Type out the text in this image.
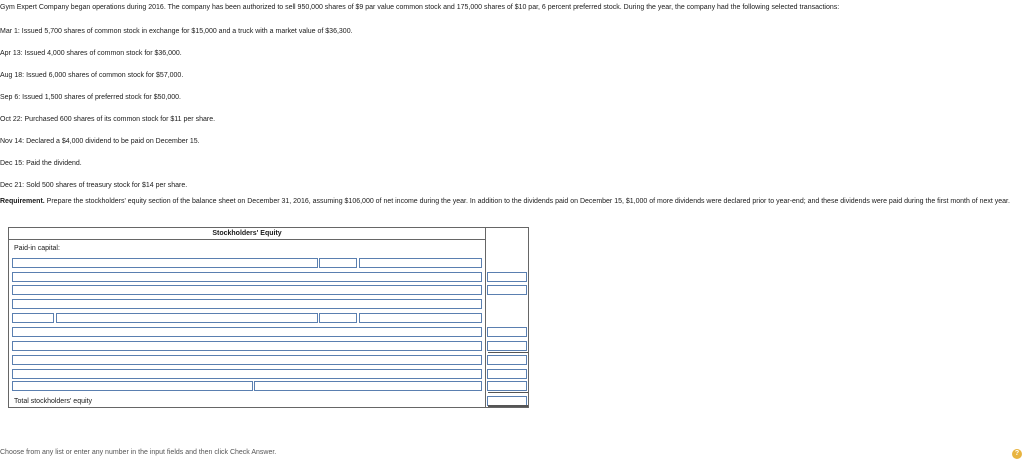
Gym Expert Company began operations during 2016. The company has been authorized to sell 950,000 shares of $9 par value common stock and 175,000 shares of $10 par, 6 percent preferred stock. During the year, the company had the following selected transactions:
Mar 1: Issued 5,700 shares of common stock in exchange for $15,000 and a truck with a market value of $36,300.
Apr 13: Issued 4,000 shares of common stock for $36,000.
Aug 18: Issued 6,000 shares of common stock for $57,000.
Sep 6: Issued 1,500 shares of preferred stock for $50,000.
Oct 22: Purchased 600 shares of its common stock for $11 per share.
Nov 14: Declared a $4,000 dividend to be paid on December 15.
Dec 15: Paid the dividend.
Dec 21: Sold 500 shares of treasury stock for $14 per share.
Requirement. Prepare the stockholders' equity section of the balance sheet on December 31, 2016, assuming $106,000 of net income during the year. In addition to the dividends paid on December 15, $1,000 of more dividends were declared prior to year-end; and these dividends were paid during the first month of next year.
Stockholders' Equity
Paid-in capital:
Total stockholders' equity
Choose from any list or enter any number in the input fields and then click Check Answer.	?
